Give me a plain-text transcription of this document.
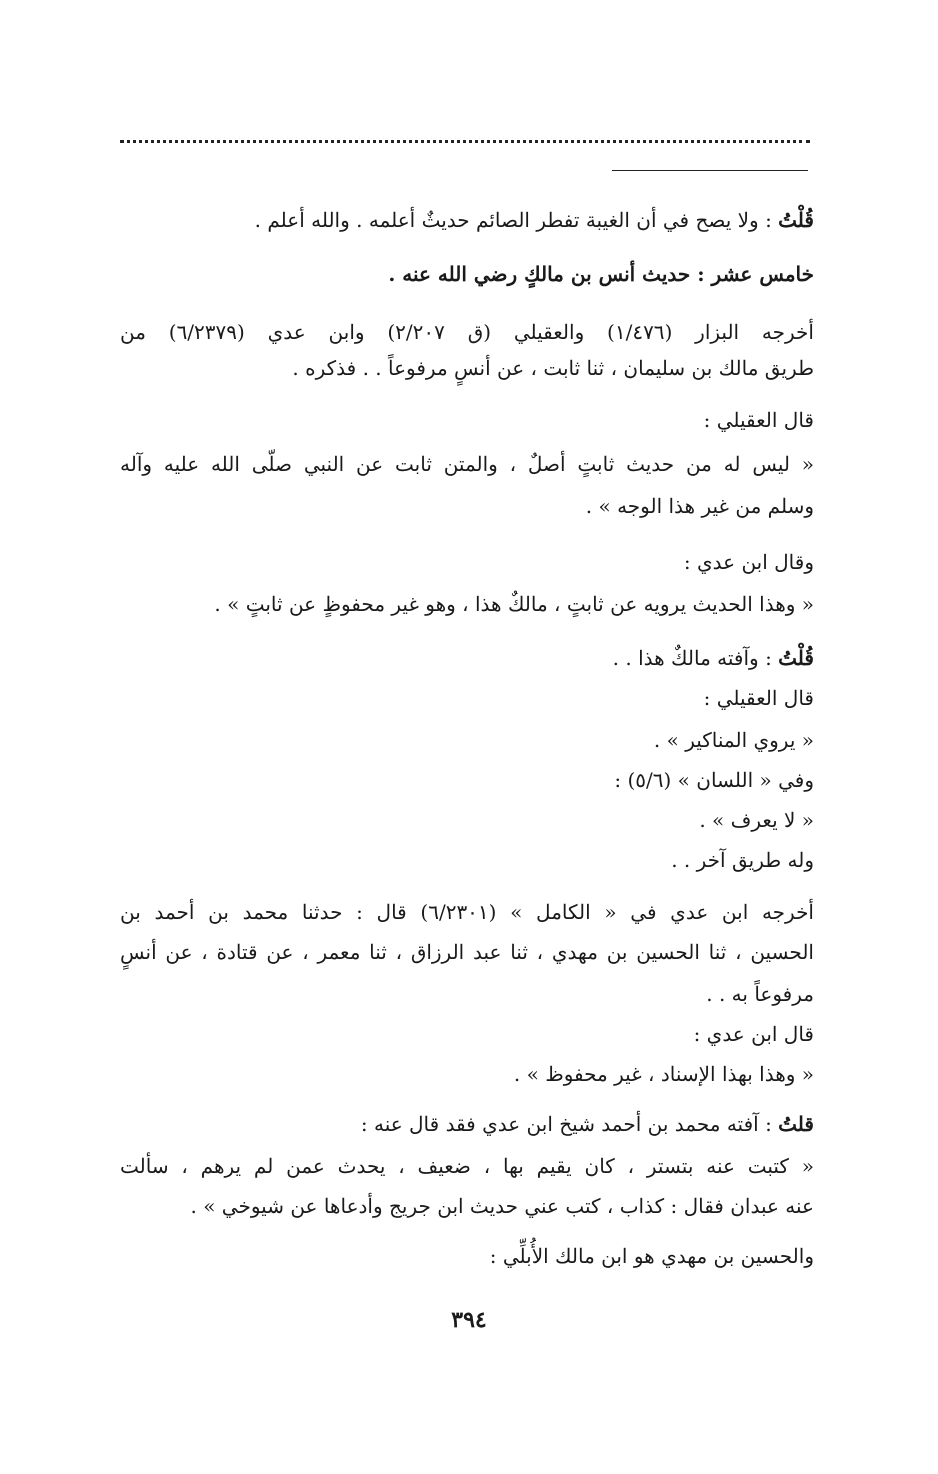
قُلْتُ : ولا يصح في أن الغيبة تفطر الصائم حديثٌ أعلمه . والله أعلم .
خامس عشر : حديث أنس بن مالكٍ رضي الله عنه .
أخرجه البزار (١/٤٧٦) والعقيلي (ق ٢/٢٠٧) وابن عدي (٦/٢٣٧٩) من
طريق مالك بن سليمان ، ثنا ثابت ، عن أنسٍ مرفوعاً . . فذكره .
قال العقيلي :
« ليس له من حديث ثابتٍ أصلٌ ، والمتن ثابت عن النبي صلّى الله عليه وآله
وسلم من غير هذا الوجه » .
وقال ابن عدي :
« وهذا الحديث يرويه عن ثابتٍ ، مالكٌ هذا ، وهو غير محفوظٍ عن ثابتٍ » .
قُلْتُ : وآفته مالكٌ هذا . .
قال العقيلي :
« يروي المناكير » .
وفي « اللسان » (٥/٦) :
« لا يعرف » .
وله طريق آخر . .
أخرجه ابن عدي في « الكامل » (٦/٢٣٠١) قال : حدثنا محمد بن أحمد بن
الحسين ، ثنا الحسين بن مهدي ، ثنا عبد الرزاق ، ثنا معمر ، عن قتادة ، عن أنسٍ
مرفوعاً به . .
قال ابن عدي :
« وهذا بهذا الإسناد ، غير محفوظ » .
قلتُ : آفته محمد بن أحمد شيخ ابن عدي فقد قال عنه :
« كتبت عنه بتستر ، كان يقيم بها ، ضعيف ، يحدث عمن لم يرهم ، سألت
عنه عبدان فقال : كذاب ، كتب عني حديث ابن جريج وأدعاها عن شيوخي » .
والحسين بن مهدي هو ابن مالك الأُبلِّي :
٣٩٤
